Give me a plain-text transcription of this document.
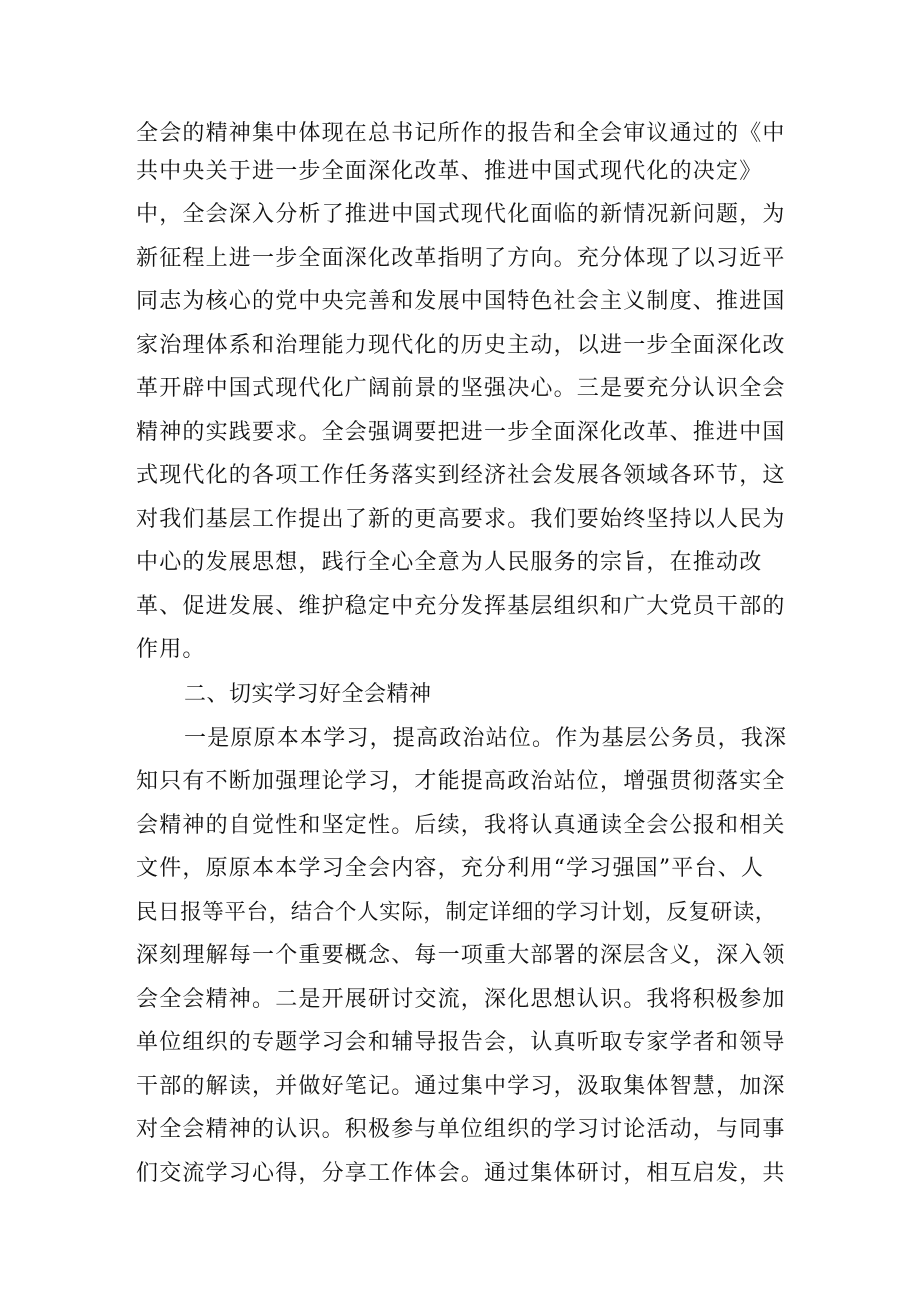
全会的精神集中体现在总书记所作的报告和全会审议通过的《中
共中央关于进一步全面深化改革、推进中国式现代化的决定》
中，全会深入分析了推进中国式现代化面临的新情况新问题，为
新征程上进一步全面深化改革指明了方向。充分体现了以习近平
同志为核心的党中央完善和发展中国特色社会主义制度、推进国
家治理体系和治理能力现代化的历史主动，以进一步全面深化改
革开辟中国式现代化广阔前景的坚强决心。三是要充分认识全会
精神的实践要求。全会强调要把进一步全面深化改革、推进中国
式现代化的各项工作任务落实到经济社会发展各领域各环节，这
对我们基层工作提出了新的更高要求。我们要始终坚持以人民为
中心的发展思想，践行全心全意为人民服务的宗旨，在推动改
革、促进发展、维护稳定中充分发挥基层组织和广大党员干部的
作用。
二、切实学习好全会精神
一是原原本本学习，提高政治站位。作为基层公务员，我深
知只有不断加强理论学习，才能提高政治站位，增强贯彻落实全
会精神的自觉性和坚定性。后续，我将认真通读全会公报和相关
文件，原原本本学习全会内容，充分利用“学习强国”平台、人
民日报等平台，结合个人实际，制定详细的学习计划，反复研读，
深刻理解每一个重要概念、每一项重大部署的深层含义，深入领
会全会精神。二是开展研讨交流，深化思想认识。我将积极参加
单位组织的专题学习会和辅导报告会，认真听取专家学者和领导
干部的解读，并做好笔记。通过集中学习，汲取集体智慧，加深
对全会精神的认识。积极参与单位组织的学习讨论活动，与同事
们交流学习心得，分享工作体会。通过集体研讨，相互启发，共
